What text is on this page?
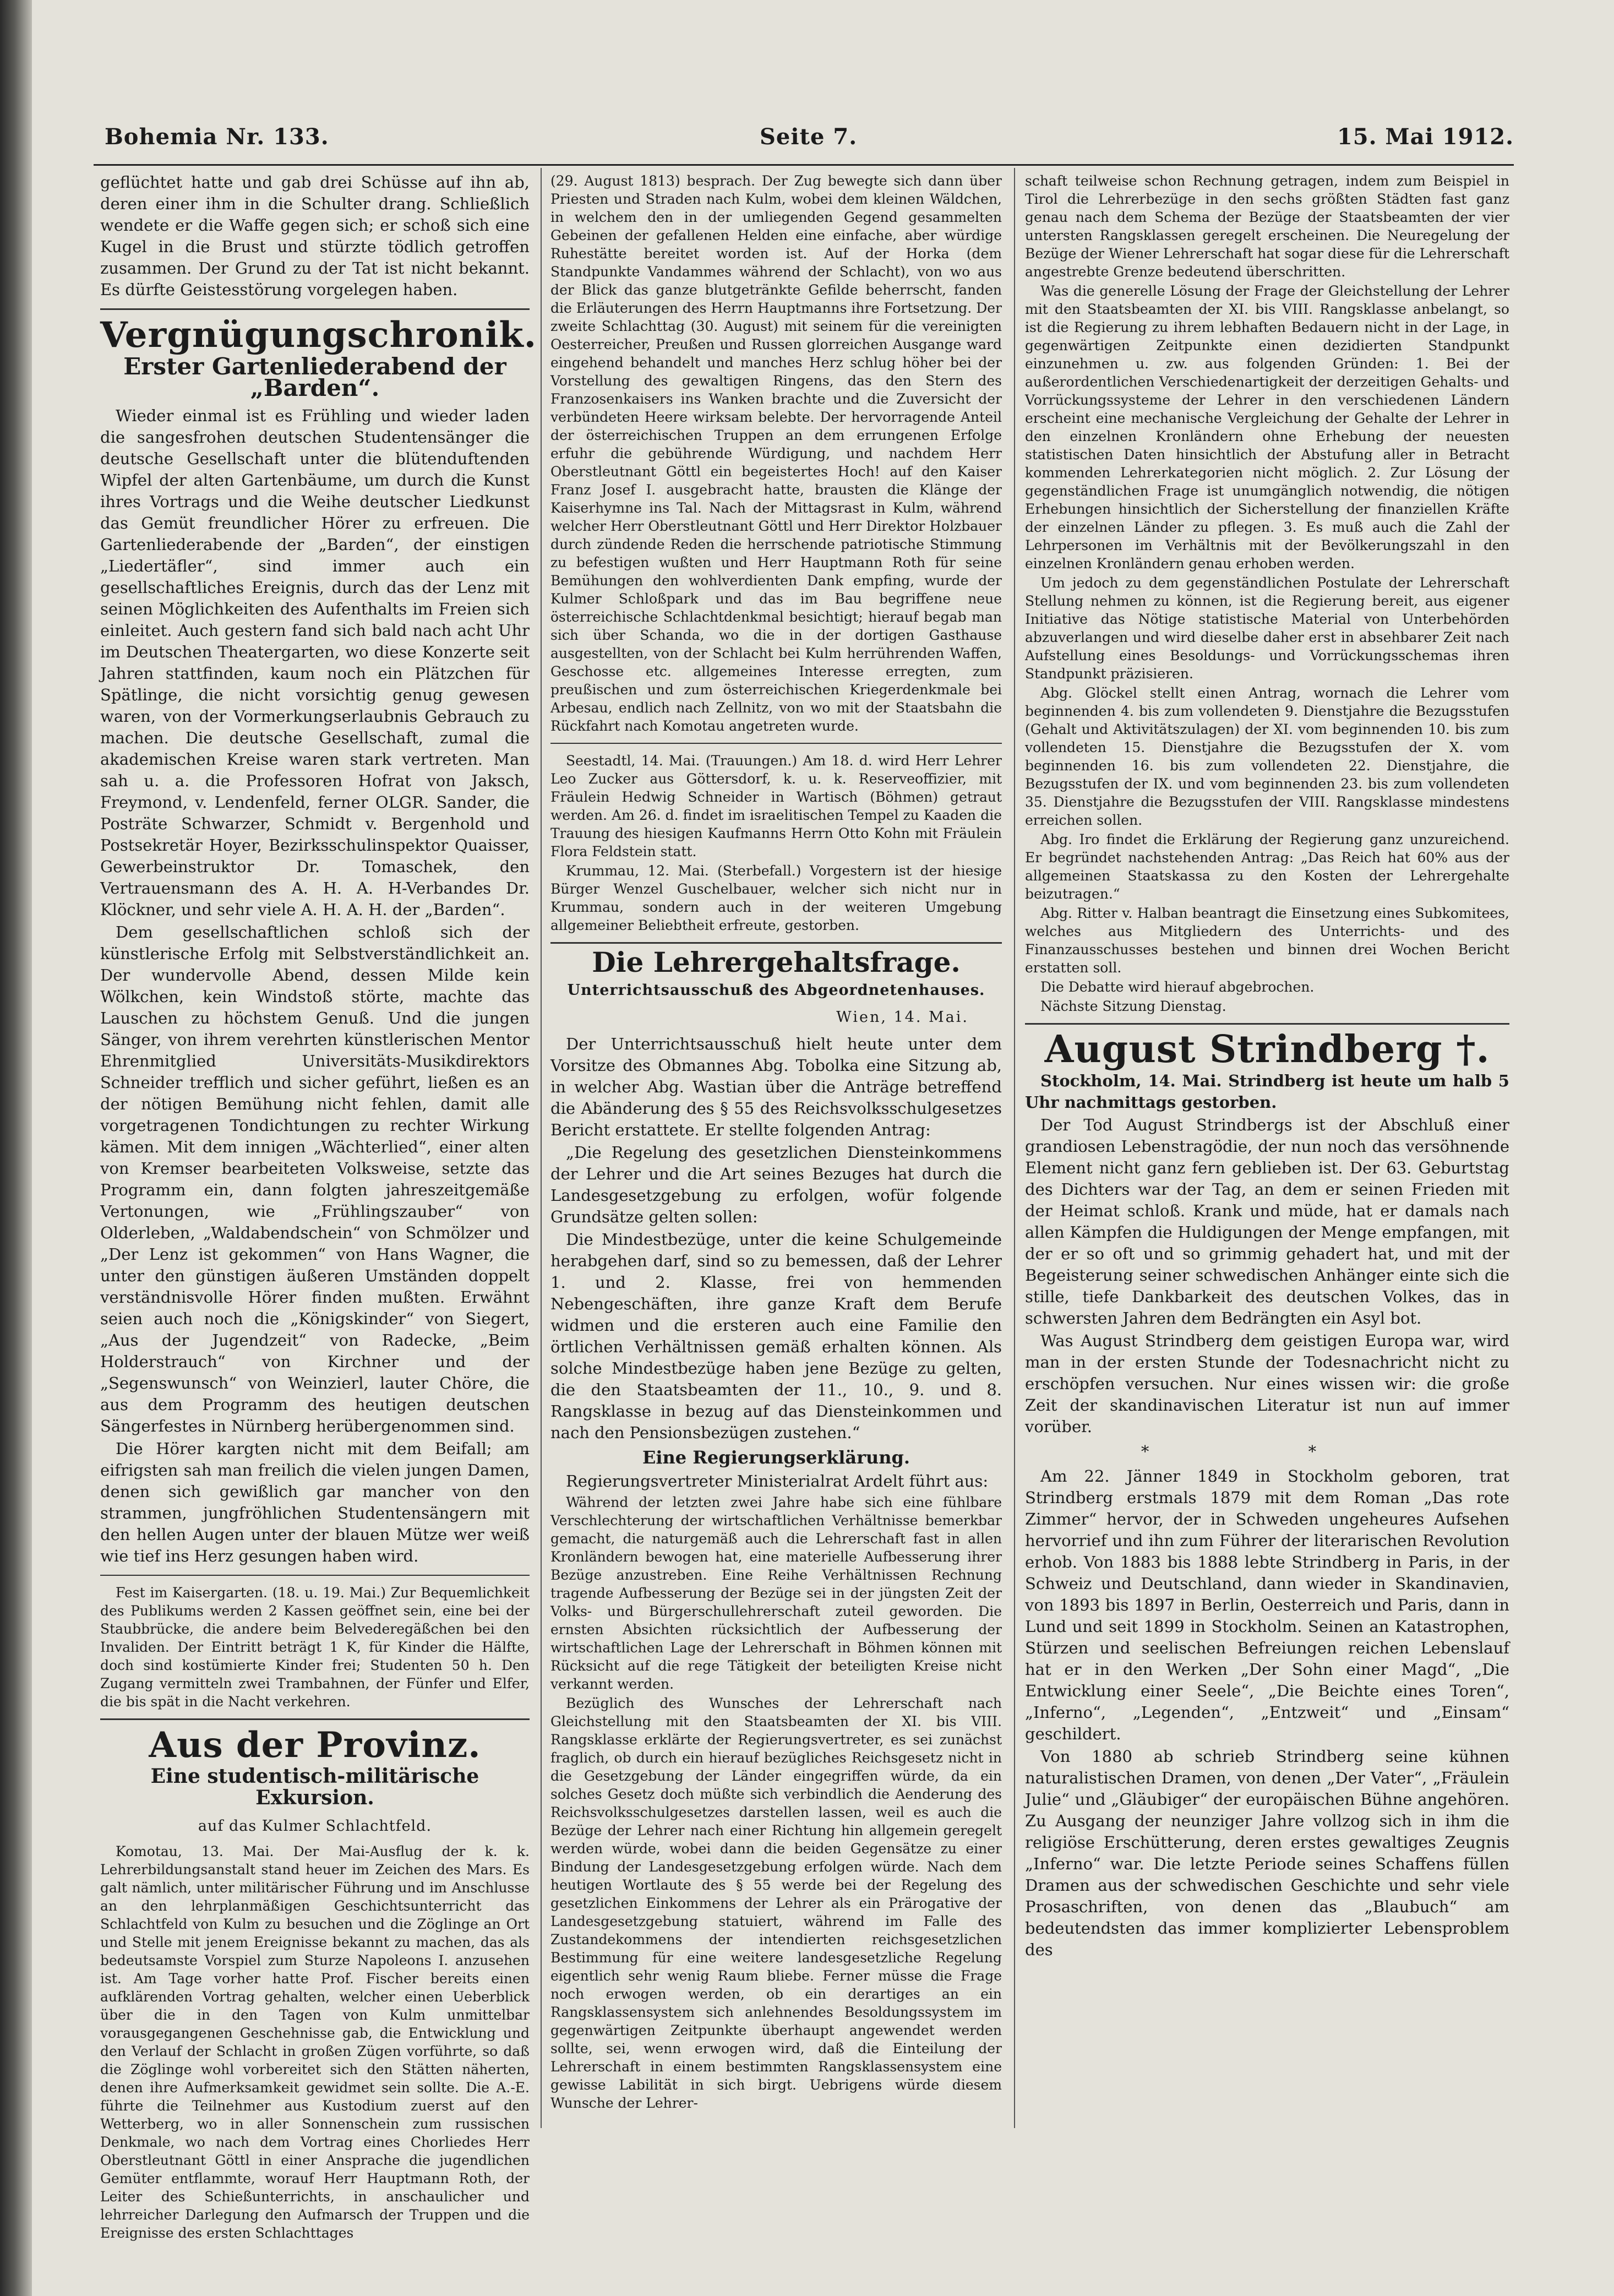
Bohemia Nr. 133.	Seite 7.	15. Mai 1912.

geflüchtet hatte und gab drei Schüsse auf ihn ab, deren einer ihm in die Schulter drang. Schließlich wendete er die Waffe gegen sich; er schoß sich eine Kugel in die Brust und stürzte tödlich getroffen zusammen. Der Grund zu der Tat ist nicht bekannt. Es dürfte Geistesstörung vorgelegen haben.

Vergnügungschronik.
Erster Gartenliederabend der „Barden“.

Wieder einmal ist es Frühling und wieder laden die sangesfrohen deutschen Studentensänger die deutsche Gesellschaft unter die blütenduftenden Wipfel der alten Gartenbäume, um durch die Kunst ihres Vortrags und die Weihe deutscher Liedkunst das Gemüt freundlicher Hörer zu erfreuen. Die Gartenliederabende der „Barden“, der einstigen „Liedertäfler“, sind immer auch ein gesellschaftliches Ereignis, durch das der Lenz mit seinen Möglichkeiten des Aufenthalts im Freien sich einleitet. Auch gestern fand sich bald nach acht Uhr im Deutschen Theatergarten, wo diese Konzerte seit Jahren stattfinden, kaum noch ein Plätzchen für Spätlinge, die nicht vorsichtig genug gewesen waren, von der Vormerkungserlaubnis Gebrauch zu machen. Die deutsche Gesellschaft, zumal die akademischen Kreise waren stark vertreten. Man sah u. a. die Professoren Hofrat von Jaksch, Freymond, v. Lendenfeld, ferner OLGR. Sander, die Posträte Schwarzer, Schmidt v. Bergenhold und Postsekretär Hoyer, Bezirksschulinspektor Quaisser, Gewerbeinstruktor Dr. Tomaschek, den Vertrauensmann des A. H. A. H-Verbandes Dr. Klöckner, und sehr viele A. H. A. H. der „Barden“.

Dem gesellschaftlichen schloß sich der künstlerische Erfolg mit Selbstverständlichkeit an. Der wundervolle Abend, dessen Milde kein Wölkchen, kein Windstoß störte, machte das Lauschen zu höchstem Genuß. Und die jungen Sänger, von ihrem verehrten künstlerischen Mentor Ehrenmitglied Universitäts-Musikdirektors Schneider trefflich und sicher geführt, ließen es an der nötigen Bemühung nicht fehlen, damit alle vorgetragenen Tondichtungen zu rechter Wirkung kämen. Mit dem innigen „Wächterlied“, einer alten von Kremser bearbeiteten Volksweise, setzte das Programm ein, dann folgten jahreszeitgemäße Vertonungen, wie „Frühlingszauber“ von Olderleben, „Waldabendschein“ von Schmölzer und „Der Lenz ist gekommen“ von Hans Wagner, die unter den günstigen äußeren Umständen doppelt verständnisvolle Hörer finden mußten. Erwähnt seien auch noch die „Königskinder“ von Siegert, „Aus der Jugendzeit“ von Radecke, „Beim Holderstrauch“ von Kirchner und der „Segenswunsch“ von Weinzierl, lauter Chöre, die aus dem Programm des heutigen deutschen Sängerfestes in Nürnberg herübergenommen sind.

Die Hörer kargten nicht mit dem Beifall; am eifrigsten sah man freilich die vielen jungen Damen, denen sich gewißlich gar mancher von den strammen, jungfröhlichen Studentensängern mit den hellen Augen unter der blauen Mütze wer weiß wie tief ins Herz gesungen haben wird.

Fest im Kaisergarten. (18. u. 19. Mai.) Zur Bequemlichkeit des Publikums werden 2 Kassen geöffnet sein, eine bei der Staubbrücke, die andere beim Belvederegäßchen bei den Invaliden. Der Eintritt beträgt 1 K, für Kinder die Hälfte, doch sind kostümierte Kinder frei; Studenten 50 h. Den Zugang vermitteln zwei Trambahnen, der Fünfer und Elfer, die bis spät in die Nacht verkehren.

Aus der Provinz.
Eine studentisch-militärische Exkursion.
auf das Kulmer Schlachtfeld.

Komotau, 13. Mai. Der Mai-Ausflug der k. k. Lehrerbildungsanstalt stand heuer im Zeichen des Mars. Es galt nämlich, unter militärischer Führung und im Anschlusse an den lehrplanmäßigen Geschichtsunterricht das Schlachtfeld von Kulm zu besuchen und die Zöglinge an Ort und Stelle mit jenem Ereignisse bekannt zu machen, das als bedeutsamste Vorspiel zum Sturze Napoleons I. anzusehen ist. Am Tage vorher hatte Prof. Fischer bereits einen aufklärenden Vortrag gehalten, welcher einen Ueberblick über die in den Tagen von Kulm unmittelbar vorausgegangenen Geschehnisse gab, die Entwicklung und den Verlauf der Schlacht in großen Zügen vorführte, so daß die Zöglinge wohl vorbereitet sich den Stätten näherten, denen ihre Aufmerksamkeit gewidmet sein sollte. Die A.-E. führte die Teilnehmer aus Kustodium zuerst auf den Wetterberg, wo in aller Sonnenschein zum russischen Denkmale, wo nach dem Vortrag eines Chorliedes Herr Oberstleutnant Göttl in einer Ansprache die jugendlichen Gemüter entflammte, worauf Herr Hauptmann Roth, der Leiter des Schießunterrichts, in anschaulicher und lehrreicher Darlegung den Aufmarsch der Truppen und die Ereignisse des ersten Schlachttages

(29. August 1813) besprach. Der Zug bewegte sich dann über Priesten und Straden nach Kulm, wobei dem kleinen Wäldchen, in welchem den in der umliegenden Gegend gesammelten Gebeinen der gefallenen Helden eine einfache, aber würdige Ruhestätte bereitet worden ist. Auf der Horka (dem Standpunkte Vandammes während der Schlacht), von wo aus der Blick das ganze blutgetränkte Gefilde beherrscht, fanden die Erläuterungen des Herrn Hauptmanns ihre Fortsetzung. Der zweite Schlachttag (30. August) mit seinem für die vereinigten Oesterreicher, Preußen und Russen glorreichen Ausgange ward eingehend behandelt und manches Herz schlug höher bei der Vorstellung des gewaltigen Ringens, das den Stern des Franzosenkaisers ins Wanken brachte und die Zuversicht der verbündeten Heere wirksam belebte. Der hervorragende Anteil der österreichischen Truppen an dem errungenen Erfolge erfuhr die gebührende Würdigung, und nachdem Herr Oberstleutnant Göttl ein begeistertes Hoch! auf den Kaiser Franz Josef I. ausgebracht hatte, brausten die Klänge der Kaiserhymne ins Tal. Nach der Mittagsrast in Kulm, während welcher Herr Oberstleutnant Göttl und Herr Direktor Holzbauer durch zündende Reden die herrschende patriotische Stimmung zu befestigen wußten und Herr Hauptmann Roth für seine Bemühungen den wohlverdienten Dank empfing, wurde der Kulmer Schloßpark und das im Bau begriffene neue österreichische Schlachtdenkmal besichtigt; hierauf begab man sich über Schanda, wo die in der dortigen Gasthause ausgestellten, von der Schlacht bei Kulm herrührenden Waffen, Geschosse etc. allgemeines Interesse erregten, zum preußischen und zum österreichischen Kriegerdenkmale bei Arbesau, endlich nach Zellnitz, von wo mit der Staatsbahn die Rückfahrt nach Komotau angetreten wurde.

Seestadtl, 14. Mai. (Trauungen.) Am 18. d. wird Herr Lehrer Leo Zucker aus Göttersdorf, k. u. k. Reserveoffizier, mit Fräulein Hedwig Schneider in Wartisch (Böhmen) getraut werden. Am 26. d. findet im israelitischen Tempel zu Kaaden die Trauung des hiesigen Kaufmanns Herrn Otto Kohn mit Fräulein Flora Feldstein statt.

Krummau, 12. Mai. (Sterbefall.) Vorgestern ist der hiesige Bürger Wenzel Guschelbauer, welcher sich nicht nur in Krummau, sondern auch in der weiteren Umgebung allgemeiner Beliebtheit erfreute, gestorben.

Die Lehrergehaltsfrage.
Unterrichtsausschuß des Abgeordnetenhauses.
Wien, 14. Mai.

Der Unterrichtsausschuß hielt heute unter dem Vorsitze des Obmannes Abg. Tobolka eine Sitzung ab, in welcher Abg. Wastian über die Anträge betreffend die Abänderung des § 55 des Reichsvolksschulgesetzes Bericht erstattete. Er stellte folgenden Antrag:

„Die Regelung des gesetzlichen Diensteinkommens der Lehrer und die Art seines Bezuges hat durch die Landesgesetzgebung zu erfolgen, wofür folgende Grundsätze gelten sollen:

Die Mindestbezüge, unter die keine Schulgemeinde herabgehen darf, sind so zu bemessen, daß der Lehrer 1. und 2. Klasse, frei von hemmenden Nebengeschäften, ihre ganze Kraft dem Berufe widmen und die ersteren auch eine Familie den örtlichen Verhältnissen gemäß erhalten können. Als solche Mindestbezüge haben jene Bezüge zu gelten, die den Staatsbeamten der 11., 10., 9. und 8. Rangsklasse in bezug auf das Diensteinkommen und nach den Pensionsbezügen zustehen.“

Eine Regierungserklärung.

Regierungsvertreter Ministerialrat Ardelt führt aus:

Während der letzten zwei Jahre habe sich eine fühlbare Verschlechterung der wirtschaftlichen Verhältnisse bemerkbar gemacht, die naturgemäß auch die Lehrerschaft fast in allen Kronländern bewogen hat, eine materielle Aufbesserung ihrer Bezüge anzustreben. Eine Reihe Verhältnissen Rechnung tragende Aufbesserung der Bezüge sei in der jüngsten Zeit der Volks- und Bürgerschullehrerschaft zuteil geworden. Die ernsten Absichten rücksichtlich der Aufbesserung der wirtschaftlichen Lage der Lehrerschaft in Böhmen können mit Rücksicht auf die rege Tätigkeit der beteiligten Kreise nicht verkannt werden.

Bezüglich des Wunsches der Lehrerschaft nach Gleichstellung mit den Staatsbeamten der XI. bis VIII. Rangsklasse erklärte der Regierungsvertreter, es sei zunächst fraglich, ob durch ein hierauf bezügliches Reichsgesetz nicht in die Gesetzgebung der Länder eingegriffen würde, da ein solches Gesetz doch müßte sich verbindlich die Aenderung des Reichsvolksschulgesetzes darstellen lassen, weil es auch die Bezüge der Lehrer nach einer Richtung hin allgemein geregelt werden würde, wobei dann die beiden Gegensätze zu einer Bindung der Landesgesetzgebung erfolgen würde. Nach dem heutigen Wortlaute des § 55 werde bei der Regelung des gesetzlichen Einkommens der Lehrer als ein Prärogative der Landesgesetzgebung statuiert, während im Falle des Zustandekommens der intendierten reichsgesetzlichen Bestimmung für eine weitere landesgesetzliche Regelung eigentlich sehr wenig Raum bliebe. Ferner müsse die Frage noch erwogen werden, ob ein derartiges an ein Rangsklassensystem sich anlehnendes Besoldungssystem im gegenwärtigen Zeitpunkte überhaupt angewendet werden sollte, sei, wenn erwogen wird, daß die Einteilung der Lehrerschaft in einem bestimmten Rangsklassensystem eine gewisse Labilität in sich birgt. Uebrigens würde diesem Wunsche der Lehrer-

schaft teilweise schon Rechnung getragen, indem zum Beispiel in Tirol die Lehrerbezüge in den sechs größten Städten fast ganz genau nach dem Schema der Bezüge der Staatsbeamten der vier untersten Rangsklassen geregelt erscheinen. Die Neuregelung der Bezüge der Wiener Lehrerschaft hat sogar diese für die Lehrerschaft angestrebte Grenze bedeutend überschritten.

Was die generelle Lösung der Frage der Gleichstellung der Lehrer mit den Staatsbeamten der XI. bis VIII. Rangsklasse anbelangt, so ist die Regierung zu ihrem lebhaften Bedauern nicht in der Lage, in gegenwärtigen Zeitpunkte einen dezidierten Standpunkt einzunehmen u. zw. aus folgenden Gründen: 1. Bei der außerordentlichen Verschiedenartigkeit der derzeitigen Gehalts- und Vorrückungssysteme der Lehrer in den verschiedenen Ländern erscheint eine mechanische Vergleichung der Gehalte der Lehrer in den einzelnen Kronländern ohne Erhebung der neuesten statistischen Daten hinsichtlich der Abstufung aller in Betracht kommenden Lehrerkategorien nicht möglich. 2. Zur Lösung der gegenständlichen Frage ist unumgänglich notwendig, die nötigen Erhebungen hinsichtlich der Sicherstellung der finanziellen Kräfte der einzelnen Länder zu pflegen. 3. Es muß auch die Zahl der Lehrpersonen im Verhältnis mit der Bevölkerungszahl in den einzelnen Kronländern genau erhoben werden.

Um jedoch zu dem gegenständlichen Postulate der Lehrerschaft Stellung nehmen zu können, ist die Regierung bereit, aus eigener Initiative das Nötige statistische Material von Unterbehörden abzuverlangen und wird dieselbe daher erst in absehbarer Zeit nach Aufstellung eines Besoldungs- und Vorrückungsschemas ihren Standpunkt präzisieren.

Abg. Glöckel stellt einen Antrag, wornach die Lehrer vom beginnenden 4. bis zum vollendeten 9. Dienstjahre die Bezugsstufen (Gehalt und Aktivitätszulagen) der XI. vom beginnenden 10. bis zum vollendeten 15. Dienstjahre die Bezugsstufen der X. vom beginnenden 16. bis zum vollendeten 22. Dienstjahre, die Bezugsstufen der IX. und vom beginnenden 23. bis zum vollendeten 35. Dienstjahre die Bezugsstufen der VIII. Rangsklasse mindestens erreichen sollen.

Abg. Iro findet die Erklärung der Regierung ganz unzureichend. Er begründet nachstehenden Antrag: „Das Reich hat 60% aus der allgemeinen Staatskassa zu den Kosten der Lehrergehalte beizutragen.“

Abg. Ritter v. Halban beantragt die Einsetzung eines Subkomitees, welches aus Mitgliedern des Unterrichts- und des Finanzausschusses bestehen und binnen drei Wochen Bericht erstatten soll.

Die Debatte wird hierauf abgebrochen.

Nächste Sitzung Dienstag.

August Strindberg †.

Stockholm, 14. Mai. Strindberg ist heute um halb 5 Uhr nachmittags gestorben.

Der Tod August Strindbergs ist der Abschluß einer grandiosen Lebenstragödie, der nun noch das versöhnende Element nicht ganz fern geblieben ist. Der 63. Geburtstag des Dichters war der Tag, an dem er seinen Frieden mit der Heimat schloß. Krank und müde, hat er damals nach allen Kämpfen die Huldigungen der Menge empfangen, mit der er so oft und so grimmig gehadert hat, und mit der Begeisterung seiner schwedischen Anhänger einte sich die stille, tiefe Dankbarkeit des deutschen Volkes, das in schwersten Jahren dem Bedrängten ein Asyl bot.

Was August Strindberg dem geistigen Europa war, wird man in der ersten Stunde der Todesnachricht nicht zu erschöpfen versuchen. Nur eines wissen wir: die große Zeit der skandinavischen Literatur ist nun auf immer vorüber.

* *

Am 22. Jänner 1849 in Stockholm geboren, trat Strindberg erstmals 1879 mit dem Roman „Das rote Zimmer“ hervor, der in Schweden ungeheures Aufsehen hervorrief und ihn zum Führer der literarischen Revolution erhob. Von 1883 bis 1888 lebte Strindberg in Paris, in der Schweiz und Deutschland, dann wieder in Skandinavien, von 1893 bis 1897 in Berlin, Oesterreich und Paris, dann in Lund und seit 1899 in Stockholm. Seinen an Katastrophen, Stürzen und seelischen Befreiungen reichen Lebenslauf hat er in den Werken „Der Sohn einer Magd“, „Die Entwicklung einer Seele“, „Die Beichte eines Toren“, „Inferno“, „Legenden“, „Entzweit“ und „Einsam“ geschildert.

Von 1880 ab schrieb Strindberg seine kühnen naturalistischen Dramen, von denen „Der Vater“, „Fräulein Julie“ und „Gläubiger“ der europäischen Bühne angehören. Zu Ausgang der neunziger Jahre vollzog sich in ihm die religiöse Erschütterung, deren erstes gewaltiges Zeugnis „Inferno“ war. Die letzte Periode seines Schaffens füllen Dramen aus der schwedischen Geschichte und sehr viele Prosaschriften, von denen das „Blaubuch“ am bedeutendsten das immer komplizierter Lebensproblem des
